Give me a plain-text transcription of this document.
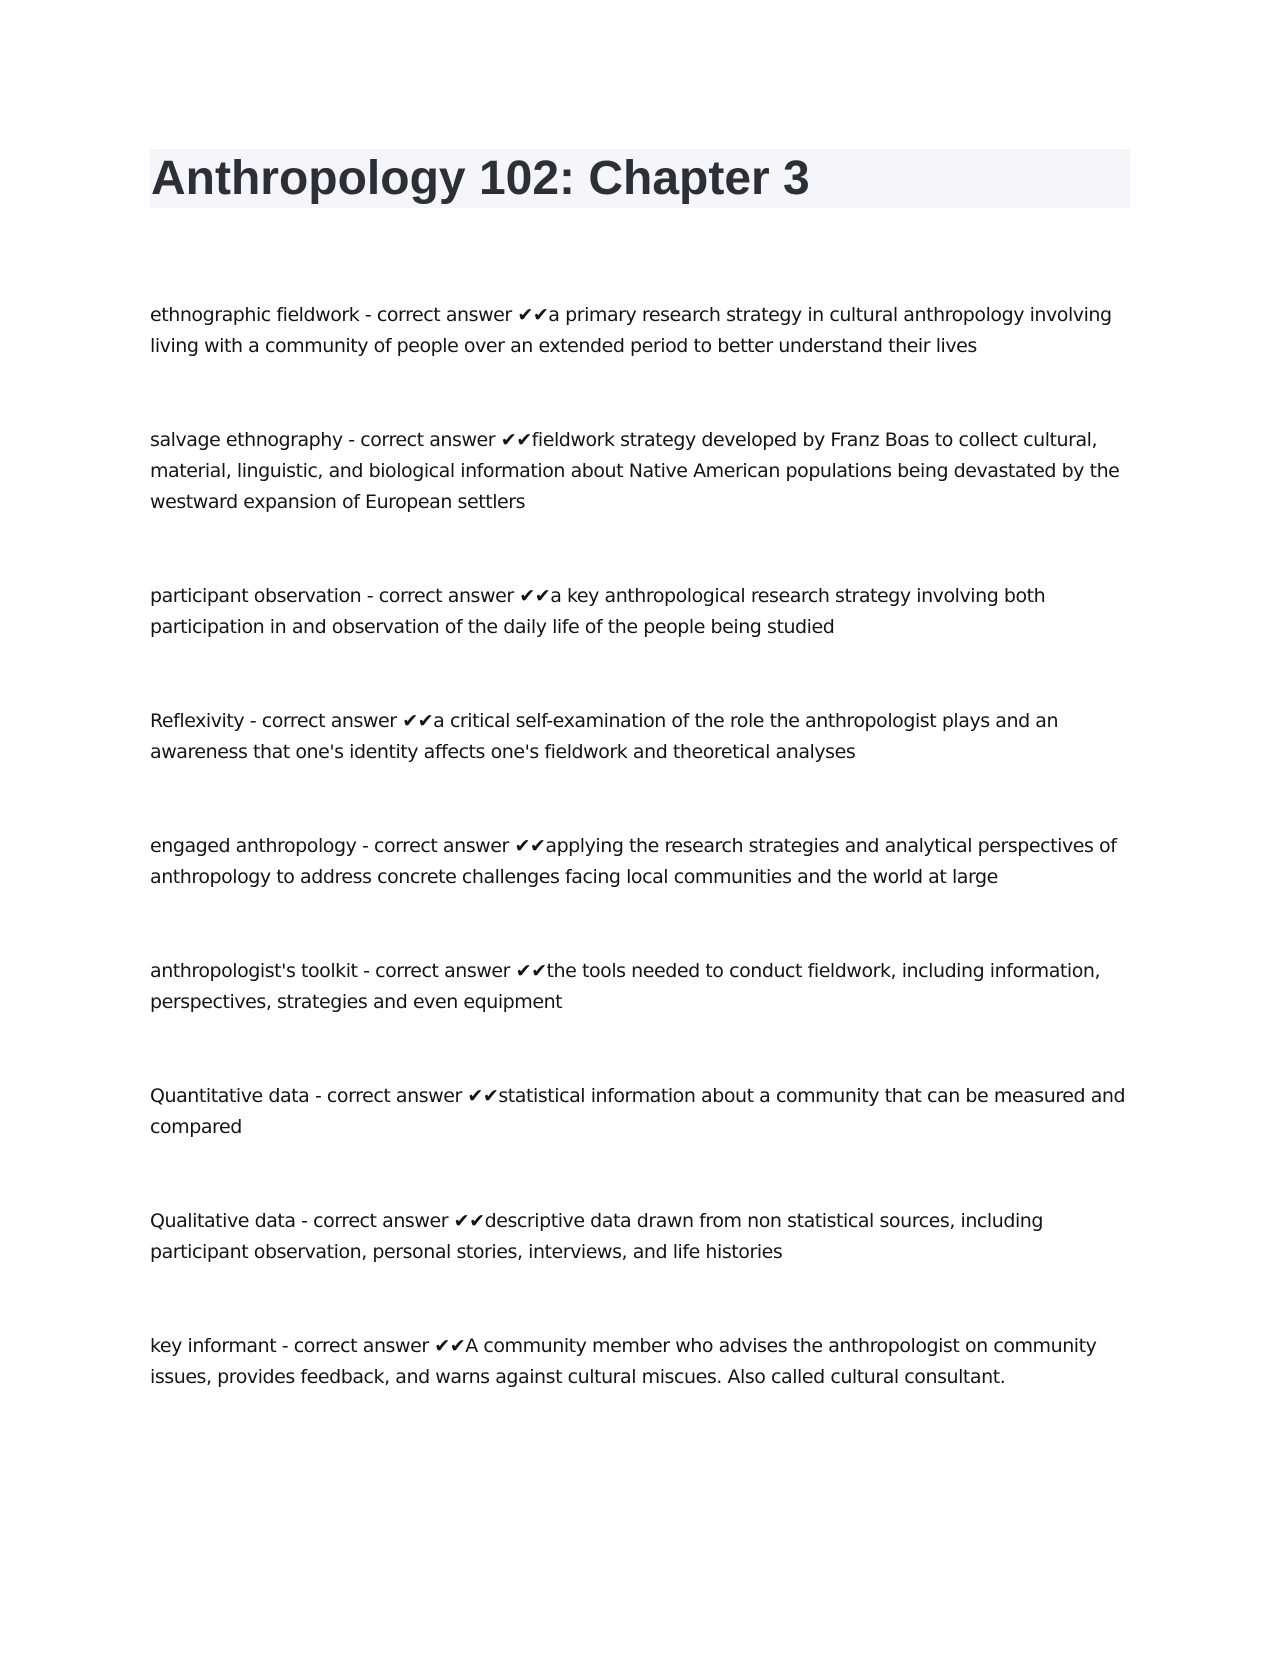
Anthropology 102: Chapter 3

ethnographic fieldwork - correct answer ✔✔a primary research strategy in cultural anthropology involving living with a community of people over an extended period to better understand their lives

salvage ethnography - correct answer ✔✔fieldwork strategy developed by Franz Boas to collect cultural, material, linguistic, and biological information about Native American populations being devastated by the westward expansion of European settlers

participant observation - correct answer ✔✔a key anthropological research strategy involving both participation in and observation of the daily life of the people being studied

Reflexivity - correct answer ✔✔a critical self-examination of the role the anthropologist plays and an awareness that one's identity affects one's fieldwork and theoretical analyses

engaged anthropology - correct answer ✔✔applying the research strategies and analytical perspectives of anthropology to address concrete challenges facing local communities and the world at large

anthropologist's toolkit - correct answer ✔✔the tools needed to conduct fieldwork, including information, perspectives, strategies and even equipment

Quantitative data - correct answer ✔✔statistical information about a community that can be measured and compared

Qualitative data - correct answer ✔✔descriptive data drawn from non statistical sources, including participant observation, personal stories, interviews, and life histories

key informant - correct answer ✔✔A community member who advises the anthropologist on community issues, provides feedback, and warns against cultural miscues. Also called cultural consultant.
